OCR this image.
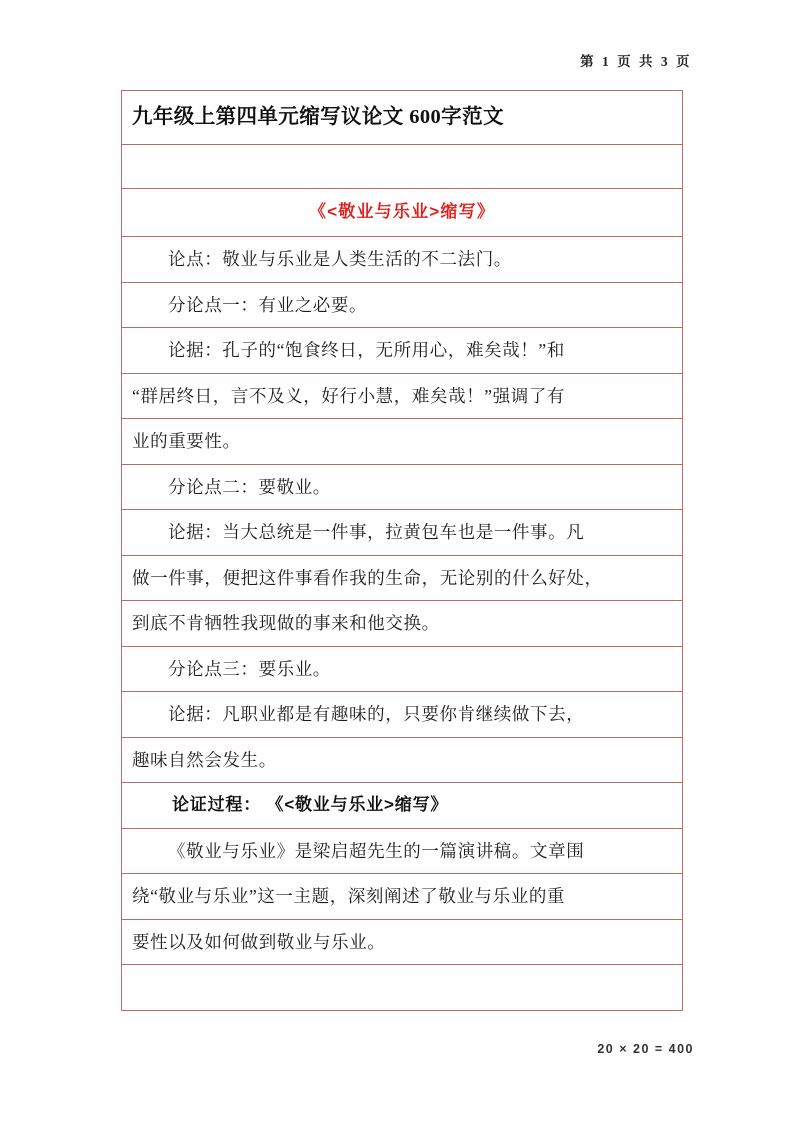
第 1 页 共 3 页
九年级上第四单元缩写议论文 600字范文

《<敬业与乐业>缩写》

论点：敬业与乐业是人类生活的不二法门。

分论点一：有业之必要。

论据：孔子的“饱食终日，无所用心，难矣哉！”和

“群居终日，言不及义，好行小慧，难矣哉！”强调了有

业的重要性。

分论点二：要敬业。

论据：当大总统是一件事，拉黄包车也是一件事。凡

做一件事，便把这件事看作我的生命，无论别的什么好处，

到底不肯牺牲我现做的事来和他交换。

分论点三：要乐业。

论据：凡职业都是有趣味的，只要你肯继续做下去，

趣味自然会发生。

论证过程： 《<敬业与乐业>缩写》

《敬业与乐业》是梁启超先生的一篇演讲稿。文章围

绕“敬业与乐业”这一主题，深刻阐述了敬业与乐业的重

要性以及如何做到敬业与乐业。

20 × 20 = 400
